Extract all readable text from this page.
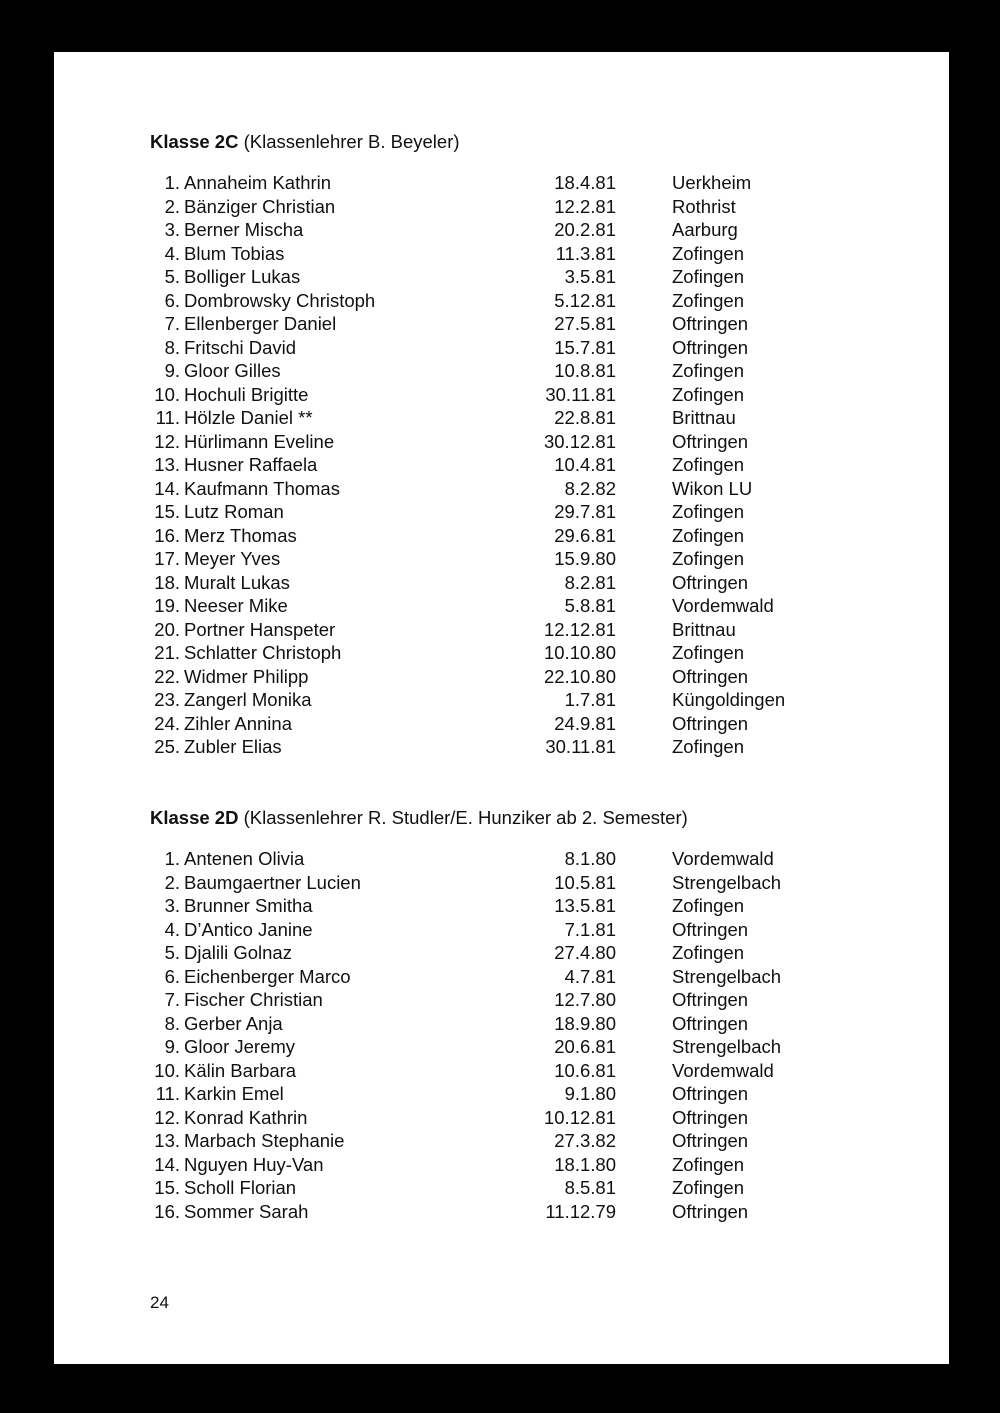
Klasse 2C (Klassenlehrer B. Beyeler)
1. Annaheim Kathrin	18.4.81	Uerkheim
2. Bänziger Christian	12.2.81	Rothrist
3. Berner Mischa	20.2.81	Aarburg
4. Blum Tobias	11.3.81	Zofingen
5. Bolliger Lukas	3.5.81	Zofingen
6. Dombrowsky Christoph	5.12.81	Zofingen
7. Ellenberger Daniel	27.5.81	Oftringen
8. Fritschi David	15.7.81	Oftringen
9. Gloor Gilles	10.8.81	Zofingen
10. Hochuli Brigitte	30.11.81	Zofingen
11. Hölzle Daniel **	22.8.81	Brittnau
12. Hürlimann Eveline	30.12.81	Oftringen
13. Husner Raffaela	10.4.81	Zofingen
14. Kaufmann Thomas	8.2.82	Wikon LU
15. Lutz Roman	29.7.81	Zofingen
16. Merz Thomas	29.6.81	Zofingen
17. Meyer Yves	15.9.80	Zofingen
18. Muralt Lukas	8.2.81	Oftringen
19. Neeser Mike	5.8.81	Vordemwald
20. Portner Hanspeter	12.12.81	Brittnau
21. Schlatter Christoph	10.10.80	Zofingen
22. Widmer Philipp	22.10.80	Oftringen
23. Zangerl Monika	1.7.81	Küngoldingen
24. Zihler Annina	24.9.81	Oftringen
25. Zubler Elias	30.11.81	Zofingen
Klasse 2D (Klassenlehrer R. Studler/E. Hunziker ab 2. Semester)
1. Antenen Olivia	8.1.80	Vordemwald
2. Baumgaertner Lucien	10.5.81	Strengelbach
3. Brunner Smitha	13.5.81	Zofingen
4. D’Antico Janine	7.1.81	Oftringen
5. Djalili Golnaz	27.4.80	Zofingen
6. Eichenberger Marco	4.7.81	Strengelbach
7. Fischer Christian	12.7.80	Oftringen
8. Gerber Anja	18.9.80	Oftringen
9. Gloor Jeremy	20.6.81	Strengelbach
10. Kälin Barbara	10.6.81	Vordemwald
11. Karkin Emel	9.1.80	Oftringen
12. Konrad Kathrin	10.12.81	Oftringen
13. Marbach Stephanie	27.3.82	Oftringen
14. Nguyen Huy-Van	18.1.80	Zofingen
15. Scholl Florian	8.5.81	Zofingen
16. Sommer Sarah	11.12.79	Oftringen
24
